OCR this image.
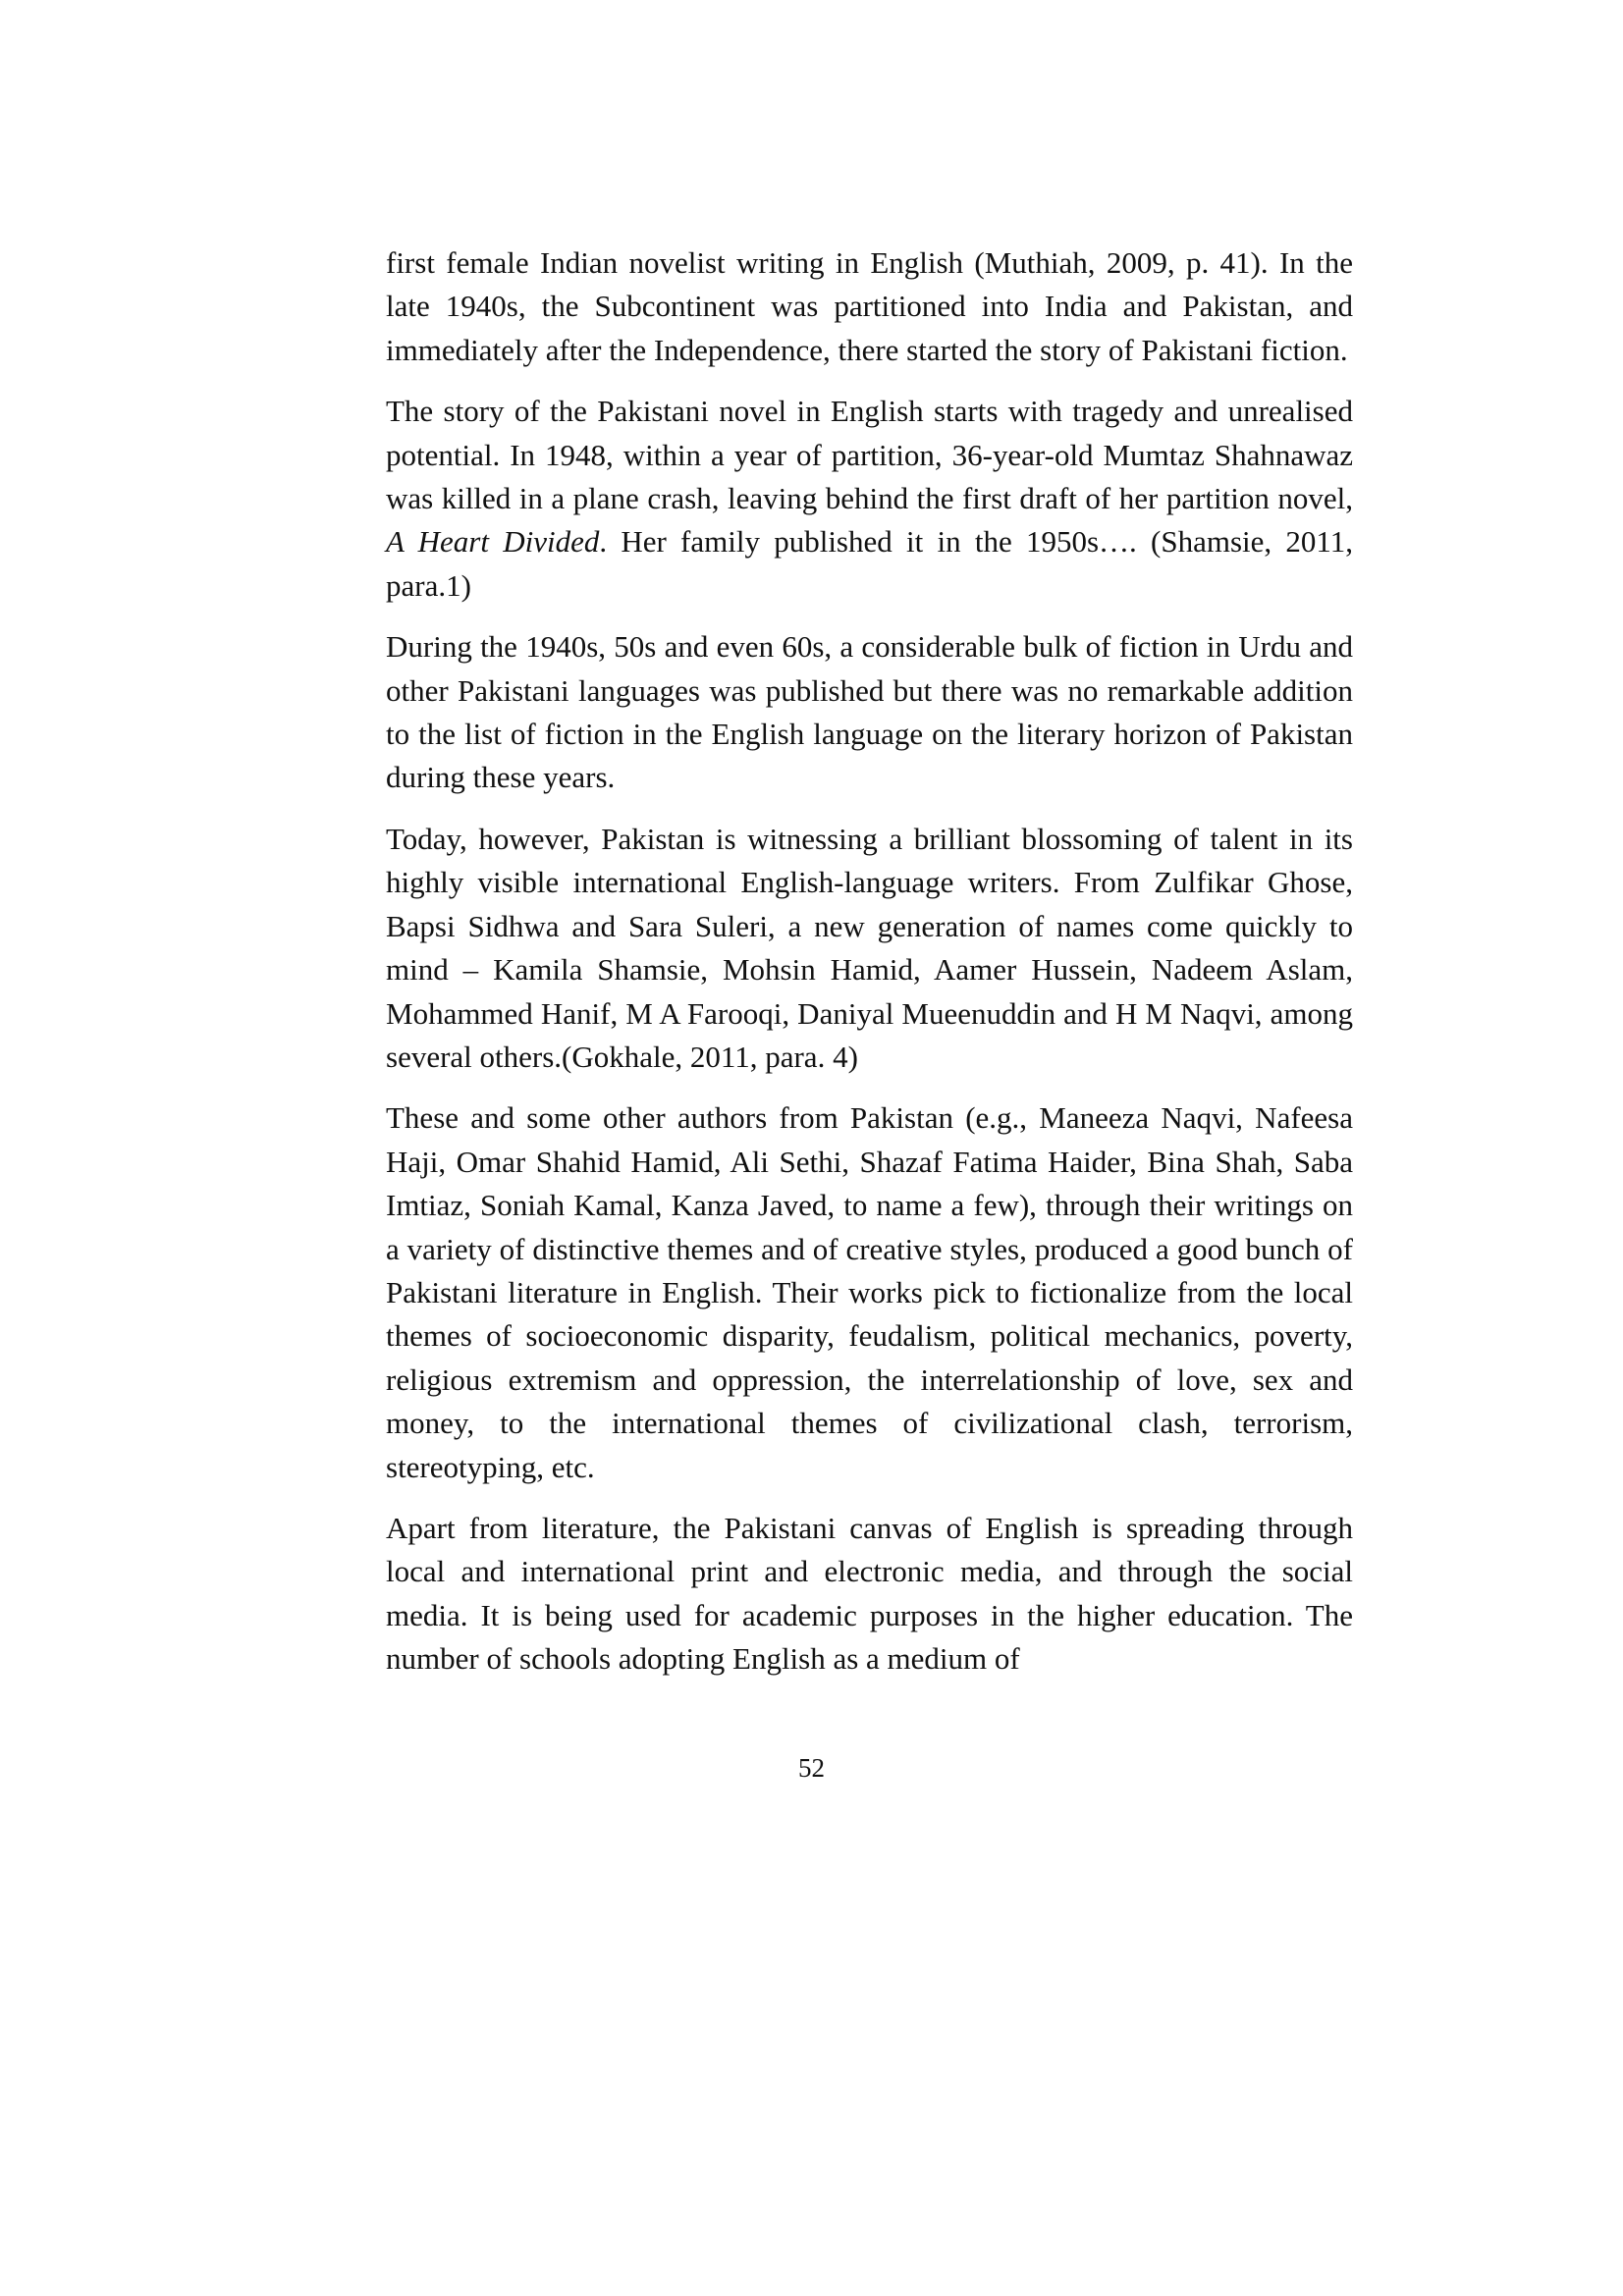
first female Indian novelist writing in English (Muthiah, 2009, p. 41). In the late 1940s, the Subcontinent was partitioned into India and Pakistan, and immediately after the Independence, there started the story of Pakistani fiction.

The story of the Pakistani novel in English starts with tragedy and unrealised potential. In 1948, within a year of partition, 36-year-old Mumtaz Shahnawaz was killed in a plane crash, leaving behind the first draft of her partition novel, A Heart Divided. Her family published it in the 1950s…. (Shamsie, 2011, para.1)

During the 1940s, 50s and even 60s, a considerable bulk of fiction in Urdu and other Pakistani languages was published but there was no remarkable addition to the list of fiction in the English language on the literary horizon of Pakistan during these years.

Today, however, Pakistan is witnessing a brilliant blossoming of talent in its highly visible international English-language writers. From Zulfikar Ghose, Bapsi Sidhwa and Sara Suleri, a new generation of names come quickly to mind – Kamila Shamsie, Mohsin Hamid, Aamer Hussein, Nadeem Aslam, Mohammed Hanif, M A Farooqi, Daniyal Mueenuddin and H M Naqvi, among several others.(Gokhale, 2011, para. 4)

These and some other authors from Pakistan (e.g., Maneeza Naqvi, Nafeesa Haji, Omar Shahid Hamid, Ali Sethi, Shazaf Fatima Haider, Bina Shah, Saba Imtiaz, Soniah Kamal, Kanza Javed, to name a few), through their writings on a variety of distinctive themes and of creative styles, produced a good bunch of Pakistani literature in English. Their works pick to fictionalize from the local themes of socioeconomic disparity, feudalism, political mechanics, poverty, religious extremism and oppression, the interrelationship of love, sex and money, to the international themes of civilizational clash, terrorism, stereotyping, etc.

Apart from literature, the Pakistani canvas of English is spreading through local and international print and electronic media, and through the social media. It is being used for academic purposes in the higher education. The number of schools adopting English as a medium of

52
